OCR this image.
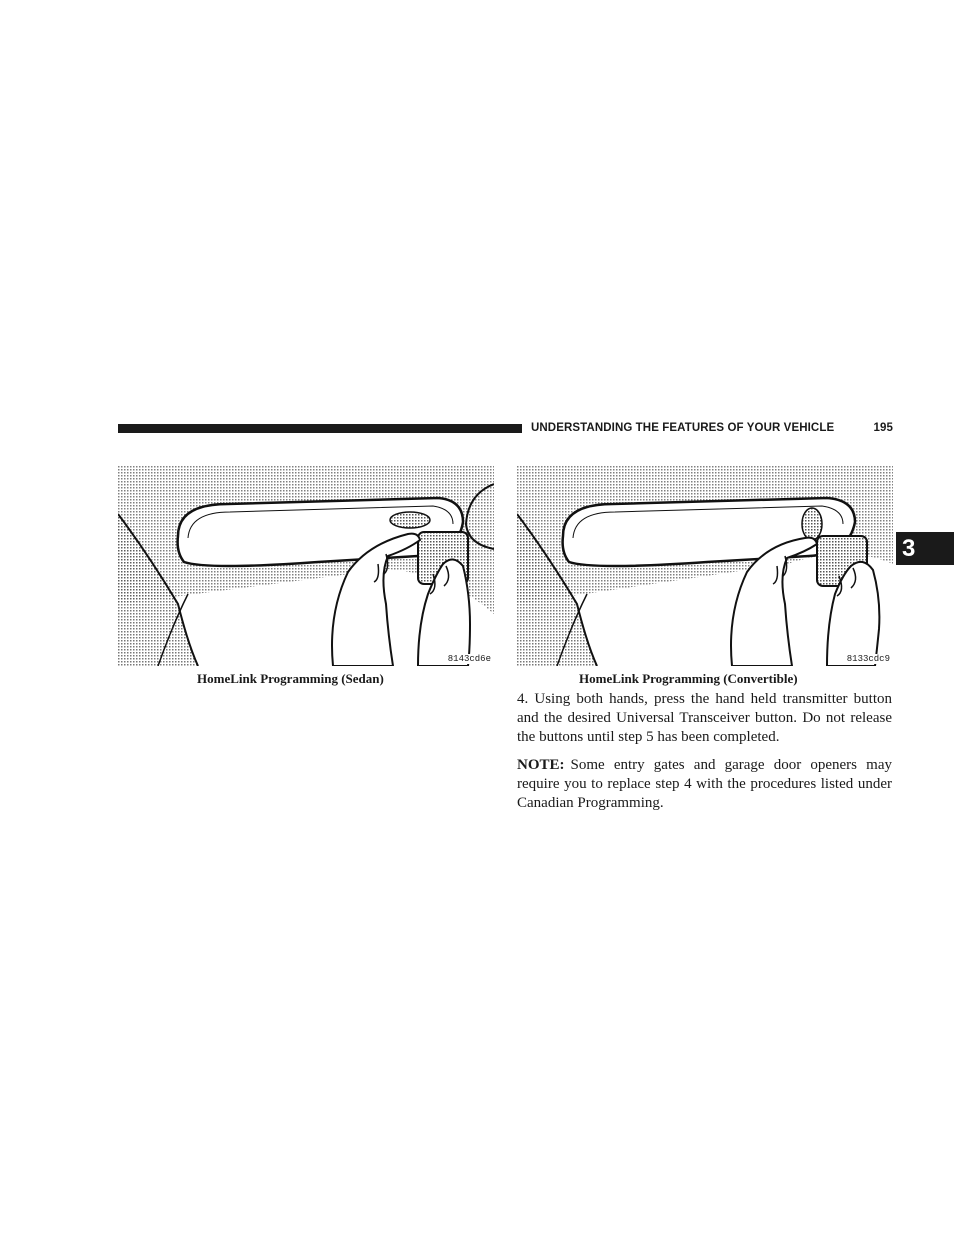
UNDERSTANDING THE FEATURES OF YOUR VEHICLE	195
3
8143cd6e	8133cdc9
HomeLink Programming (Sedan)	HomeLink Programming (Convertible)

4. Using both hands, press the hand held transmitter button and the desired Universal Transceiver button. Do not release the buttons until step 5 has been completed.

NOTE: Some entry gates and garage door openers may require you to replace step 4 with the procedures listed under Canadian Programming.
